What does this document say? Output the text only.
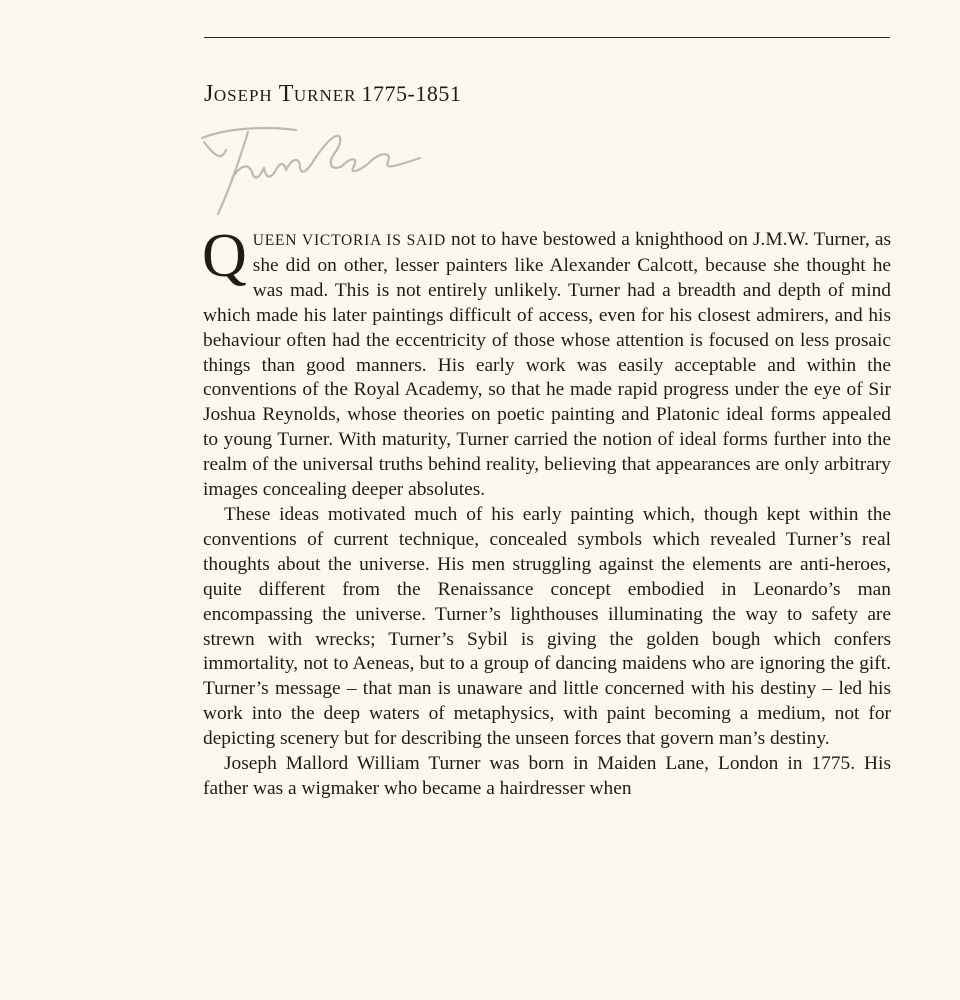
JOSEPH TURNER 1775-1851
Turner

QUEEN VICTORIA IS SAID not to have bestowed a knighthood on J.M.W. Turner, as she did on other, lesser painters like Alexander Calcott, because she thought he was mad. This is not entirely unlikely. Turner had a breadth and depth of mind which made his later paintings difficult of access, even for his closest admirers, and his behaviour often had the eccentricity of those whose attention is focused on less prosaic things than good manners. His early work was easily acceptable and within the conventions of the Royal Academy, so that he made rapid progress under the eye of Sir Joshua Reynolds, whose theories on poetic painting and Platonic ideal forms appealed to young Turner. With maturity, Turner carried the notion of ideal forms further into the realm of the universal truths behind reality, believing that appearances are only arbitrary images concealing deeper absolutes.

These ideas motivated much of his early painting which, though kept within the conventions of current technique, concealed symbols which revealed Turner’s real thoughts about the universe. His men struggling against the elements are anti-heroes, quite different from the Renaissance concept embodied in Leonardo’s man encompassing the universe. Turner’s lighthouses illuminating the way to safety are strewn with wrecks; Turner’s Sybil is giving the golden bough which confers immortality, not to Aeneas, but to a group of dancing maidens who are ignoring the gift. Turner’s message – that man is unaware and little concerned with his destiny – led his work into the deep waters of metaphysics, with paint becoming a medium, not for depicting scenery but for describing the unseen forces that govern man’s destiny.

Joseph Mallord William Turner was born in Maiden Lane, London in 1775. His father was a wigmaker who became a hairdresser when
